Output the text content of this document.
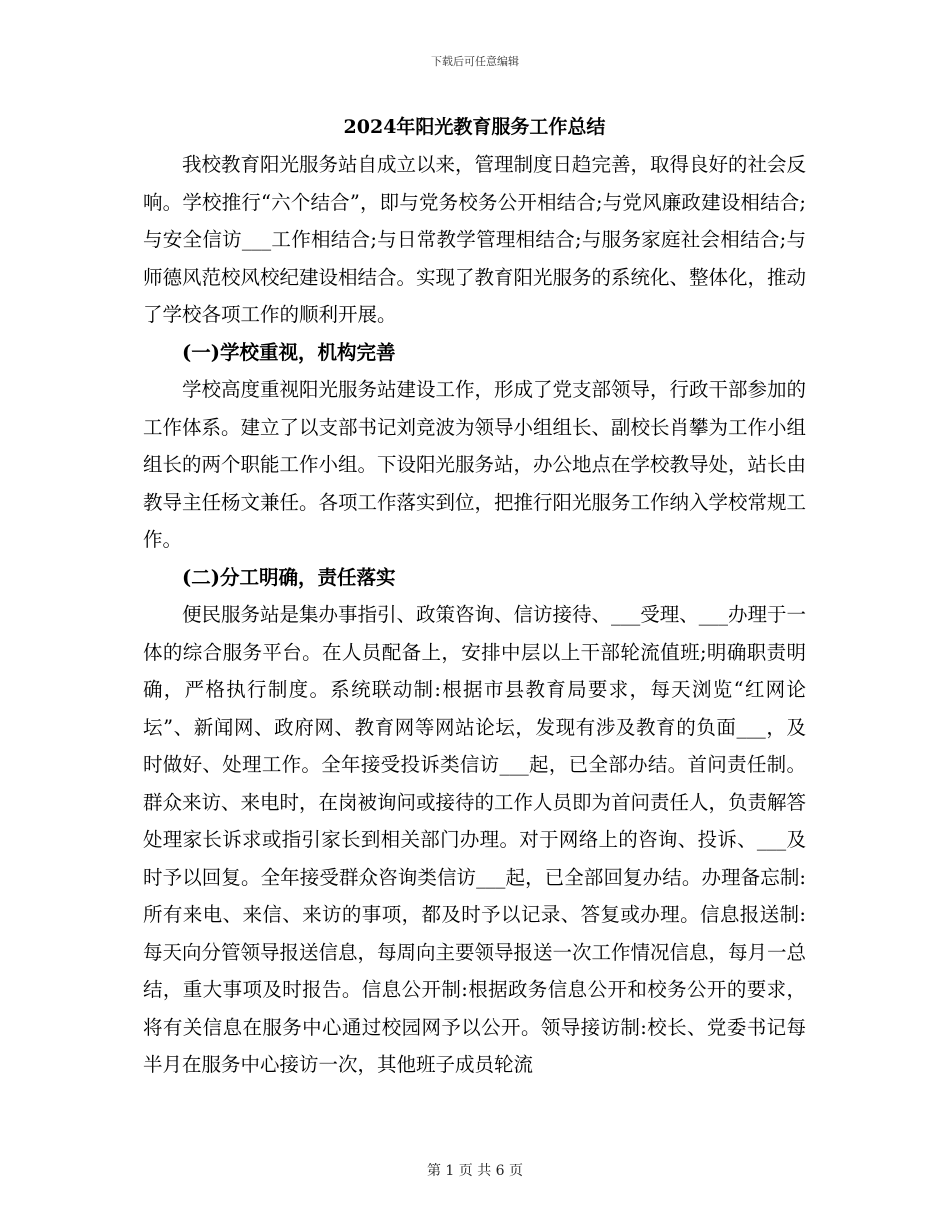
下载后可任意编辑
2024年阳光教育服务工作总结

我校教育阳光服务站自成立以来，管理制度日趋完善，取得良好的社会反响。学校推行“六个结合”，即与党务校务公开相结合;与党风廉政建设相结合;与安全信访___工作相结合;与日常教学管理相结合;与服务家庭社会相结合;与师德风范校风校纪建设相结合。实现了教育阳光服务的系统化、整体化，推动了学校各项工作的顺利开展。

(一)学校重视，机构完善

学校高度重视阳光服务站建设工作，形成了党支部领导，行政干部参加的工作体系。建立了以支部书记刘竞波为领导小组组长、副校长肖攀为工作小组组长的两个职能工作小组。下设阳光服务站，办公地点在学校教导处，站长由教导主任杨文兼任。各项工作落实到位，把推行阳光服务工作纳入学校常规工作。

(二)分工明确，责任落实

便民服务站是集办事指引、政策咨询、信访接待、___受理、___办理于一体的综合服务平台。在人员配备上，安排中层以上干部轮流值班;明确职责明确，严格执行制度。系统联动制:根据市县教育局要求，每天浏览“红网论坛”、新闻网、政府网、教育网等网站论坛，发现有涉及教育的负面___，及时做好、处理工作。全年接受投诉类信访___起，已全部办结。首问责任制。群众来访、来电时，在岗被询问或接待的工作人员即为首问责任人，负责解答处理家长诉求或指引家长到相关部门办理。对于网络上的咨询、投诉、___及时予以回复。全年接受群众咨询类信访___起，已全部回复办结。办理备忘制:所有来电、来信、来访的事项，都及时予以记录、答复或办理。信息报送制:每天向分管领导报送信息，每周向主要领导报送一次工作情况信息，每月一总结，重大事项及时报告。信息公开制:根据政务信息公开和校务公开的要求，将有关信息在服务中心通过校园网予以公开。领导接访制:校长、党委书记每半月在服务中心接访一次，其他班子成员轮流

第 1 页 共 6 页
